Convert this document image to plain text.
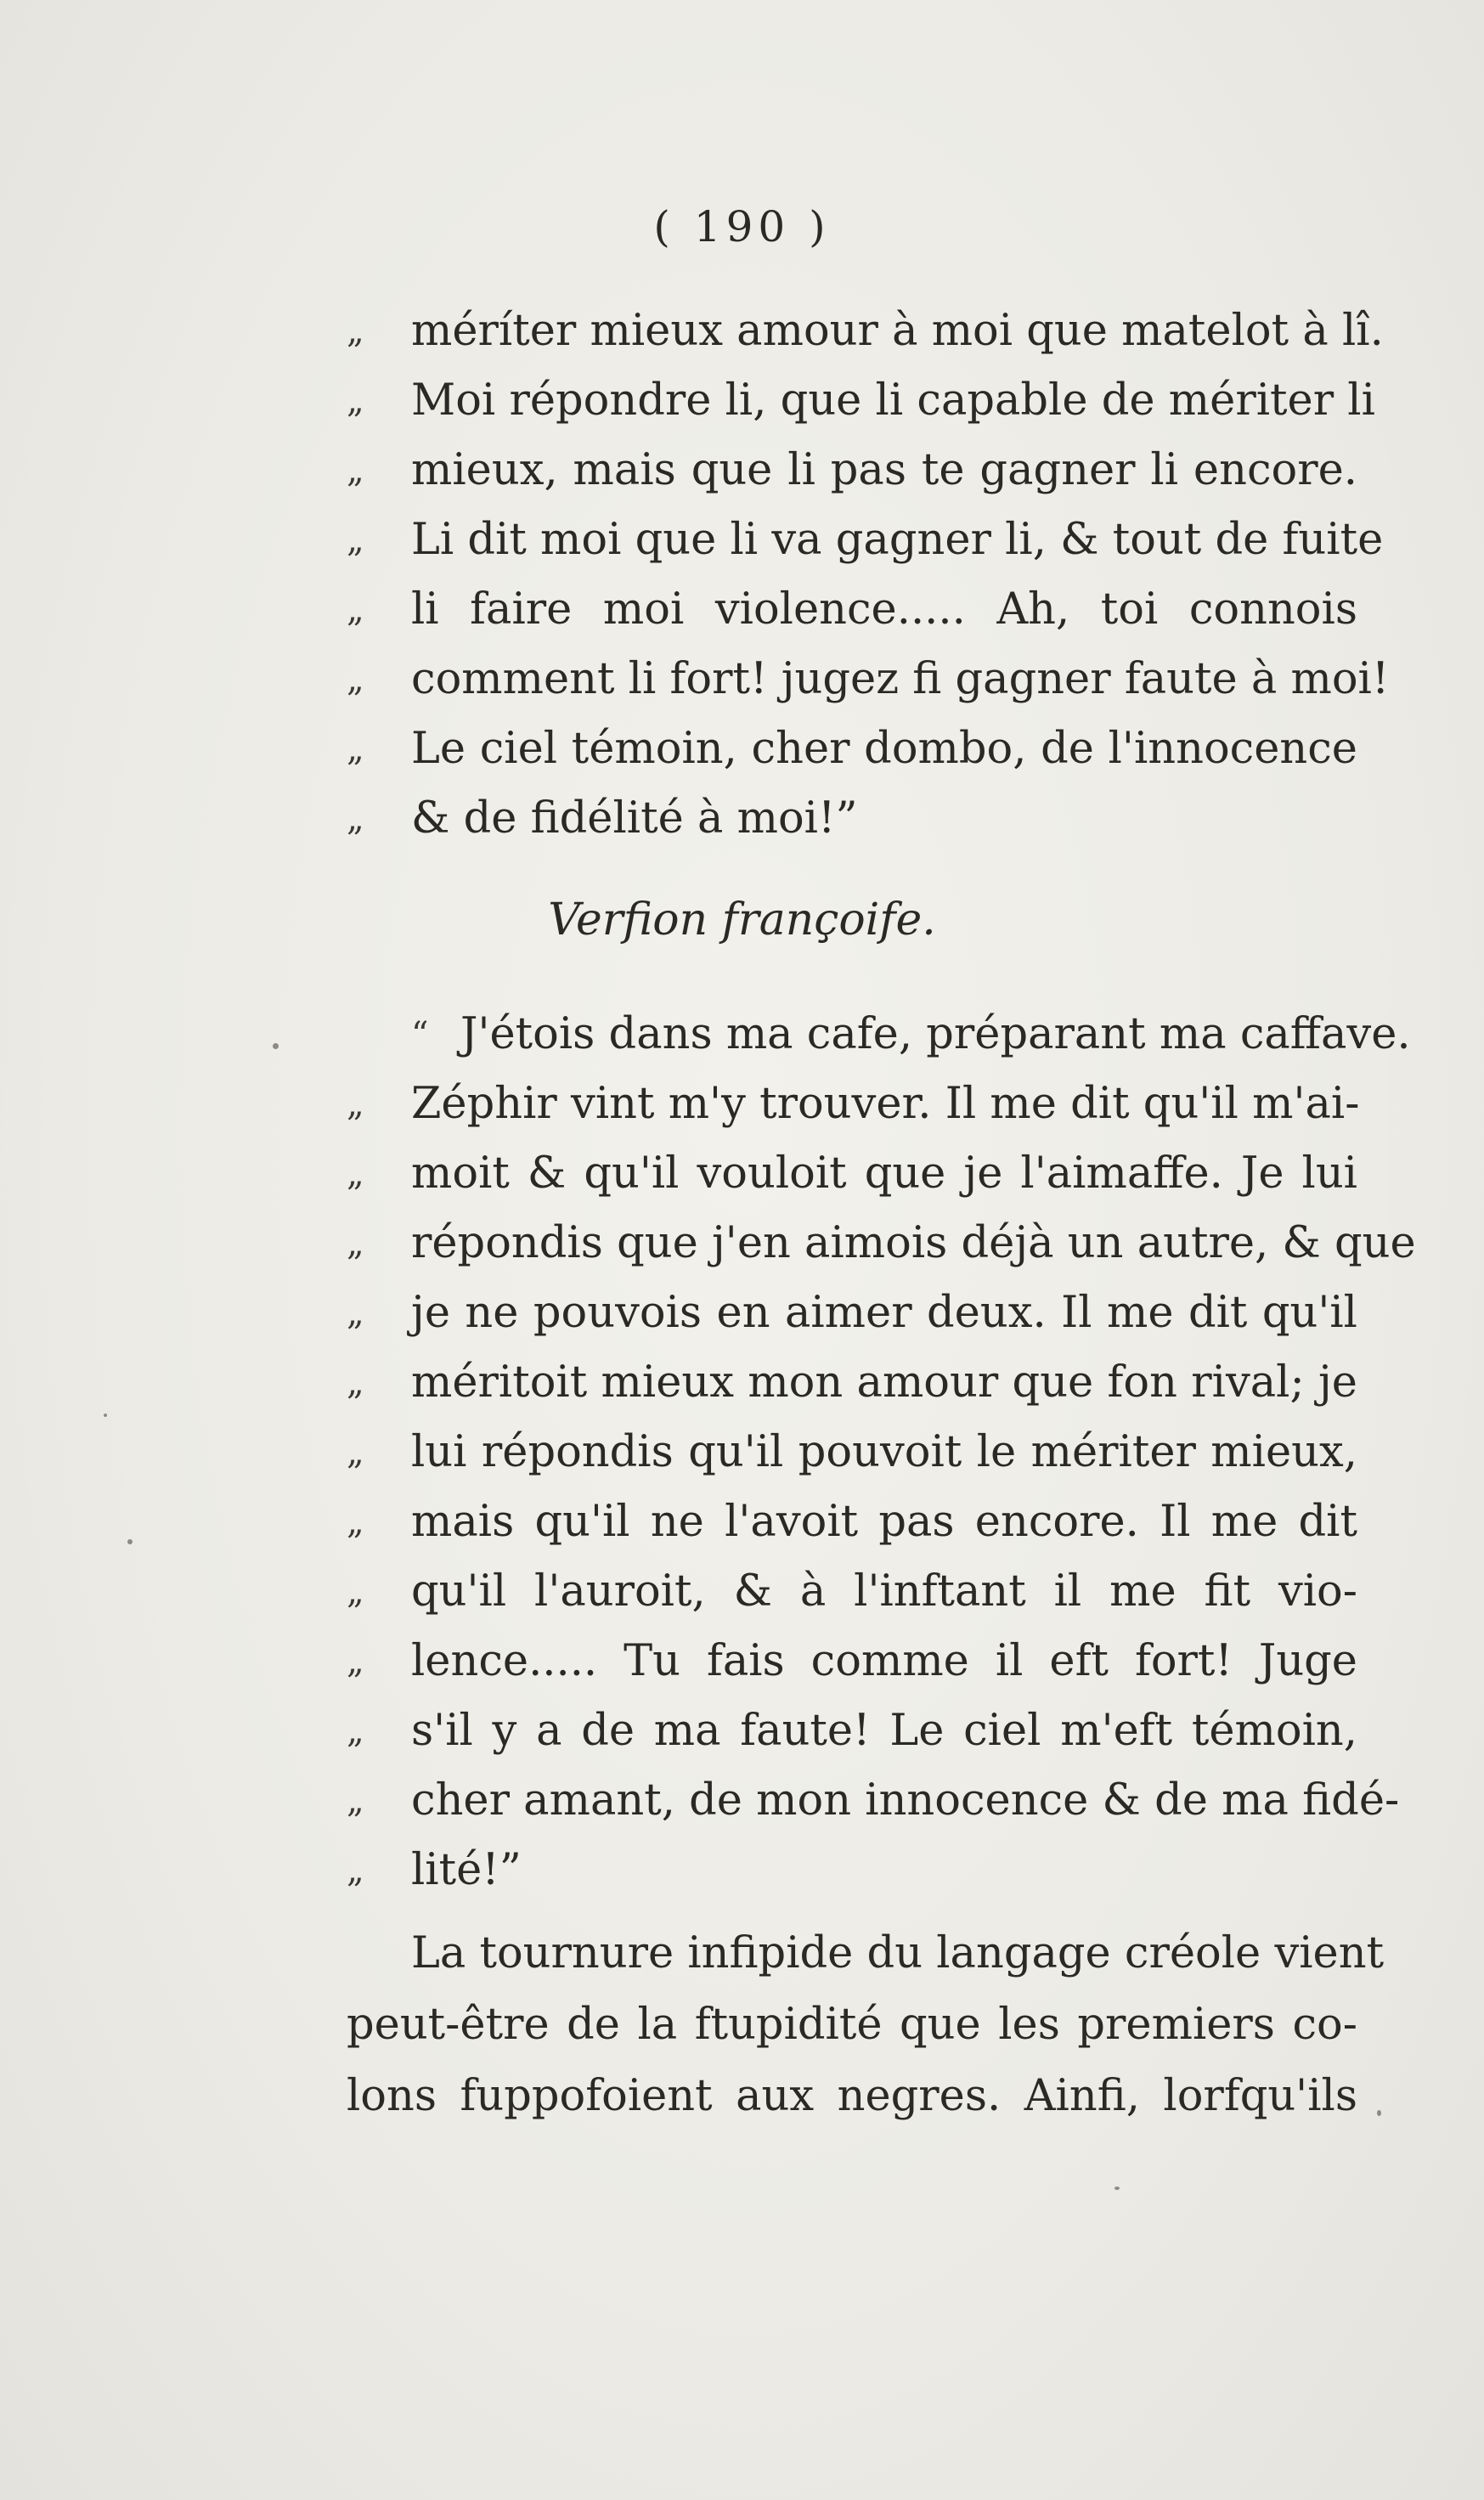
( 190 )
„	méríter mieux amour à moi que matelot à lî.
„	Moi répondre li, que li capable de mériter li
„	mieux, mais que li pas te gagner li encore.
„	Li dit moi que li va gagner li, & tout de fuite
„	li faire moi violence..... Ah, toi connois
„	comment li fort! jugez fi gagner faute à moi!
„	Le ciel témoin, cher dombo, de l'innocence
„	& de fidélité à moi!”
Verfion françoife.
“ J'étois dans ma cafe, préparant ma caffave.
„	Zéphir vint m'y trouver. Il me dit qu'il m'ai-
„	moit & qu'il vouloit que je l'aimaffe. Je lui
„	répondis que j'en aimois déjà un autre, & que
„	je ne pouvois en aimer deux. Il me dit qu'il
„	méritoit mieux mon amour que fon rival; je
„	lui répondis qu'il pouvoit le mériter mieux,
„	mais qu'il ne l'avoit pas encore. Il me dit
„	qu'il l'auroit, & à l'inftant il me fit vio-
„	lence..... Tu fais comme il eft fort! Juge
„	s'il y a de ma faute! Le ciel m'eft témoin,
„	cher amant, de mon innocence & de ma fidé-
„	lité!”
La tournure infipide du langage créole vient
peut-être de la ftupidité que les premiers co-
lons fuppofoient aux negres. Ainfi, lorfqu'ils
